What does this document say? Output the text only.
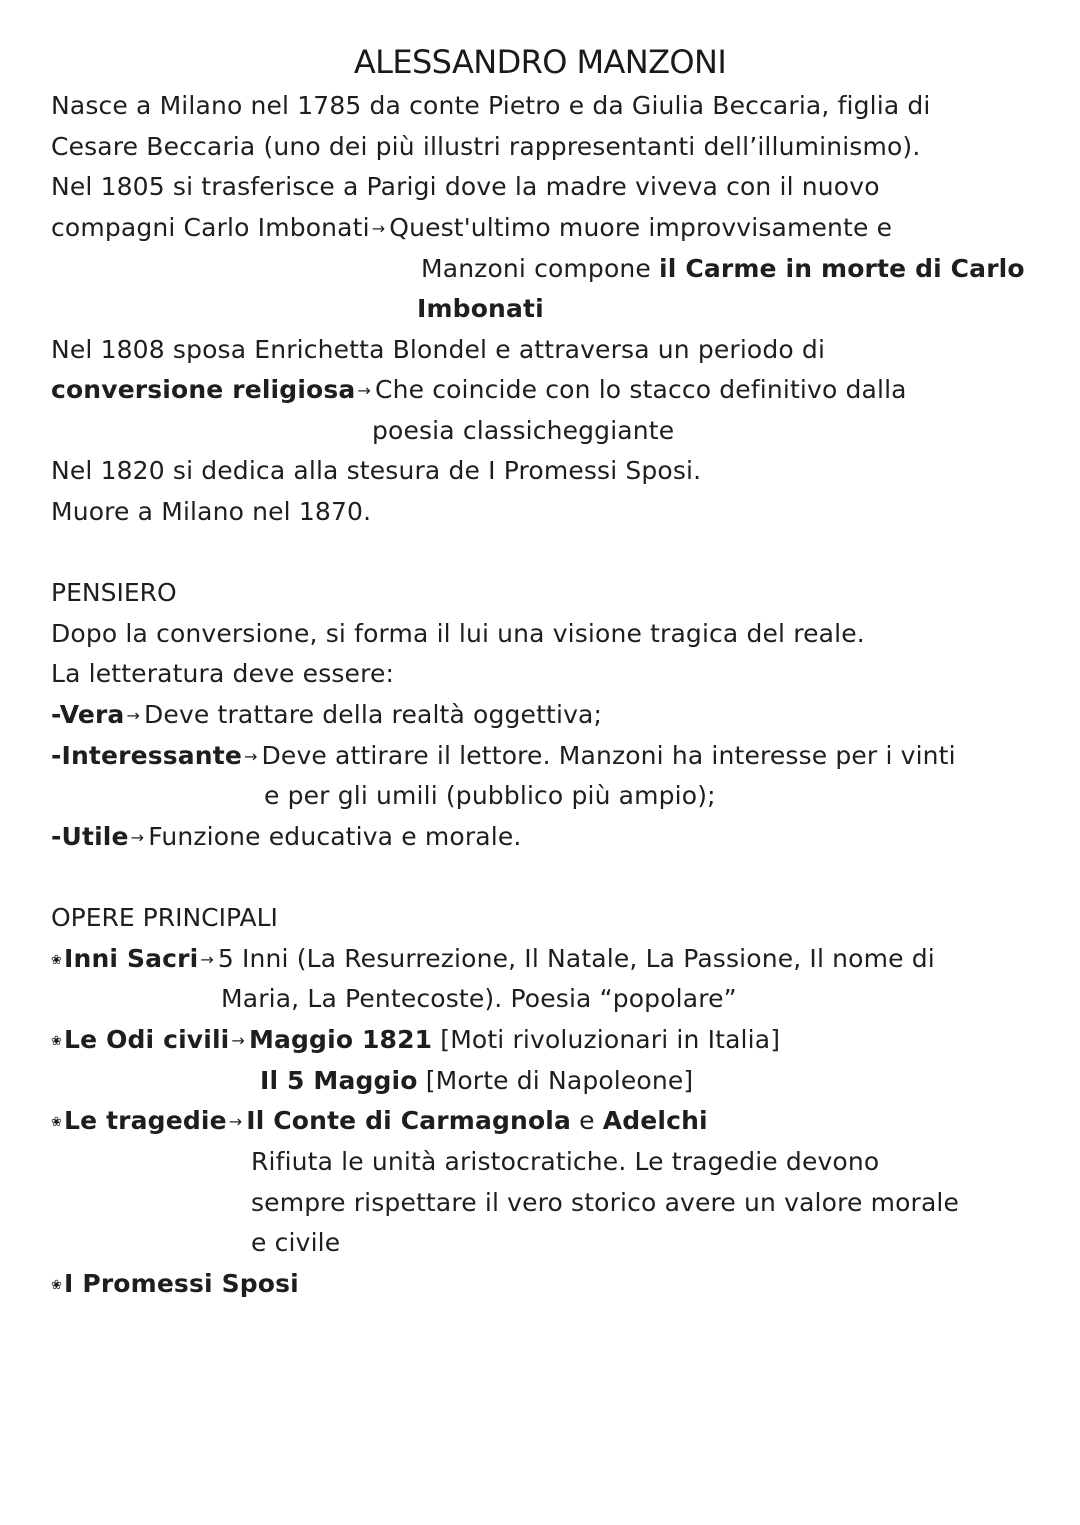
ALESSANDRO MANZONI
Nasce a Milano nel 1785 da conte Pietro e da Giulia Beccaria, figlia di
Cesare Beccaria (uno dei più illustri rappresentanti dell’illuminismo).
Nel 1805 si trasferisce a Parigi dove la madre viveva con il nuovo
compagni Carlo Imbonati → Quest'ultimo muore improvvisamente e
Manzoni compone il Carme in morte di Carlo
Imbonati
Nel 1808 sposa Enrichetta Blondel e attraversa un periodo di
conversione religiosa → Che coincide con lo stacco definitivo dalla
poesia classicheggiante
Nel 1820 si dedica alla stesura de I Promessi Sposi.
Muore a Milano nel 1870.
PENSIERO
Dopo la conversione, si forma il lui una visione tragica del reale.
La letteratura deve essere:
-Vera → Deve trattare della realtà oggettiva;
-Interessante → Deve attirare il lettore. Manzoni ha interesse per i vinti
e per gli umili (pubblico più ampio);
-Utile → Funzione educativa e morale.
OPERE PRINCIPALI
❀Inni Sacri → 5 Inni (La Resurrezione, Il Natale, La Passione, Il nome di
Maria, La Pentecoste). Poesia “popolare”
❀Le Odi civili → Maggio 1821 [Moti rivoluzionari in Italia]
Il 5 Maggio [Morte di Napoleone]
❀Le tragedie → Il Conte di Carmagnola e Adelchi
Rifiuta le unità aristocratiche. Le tragedie devono
sempre rispettare il vero storico avere un valore morale
e civile
❀I Promessi Sposi
